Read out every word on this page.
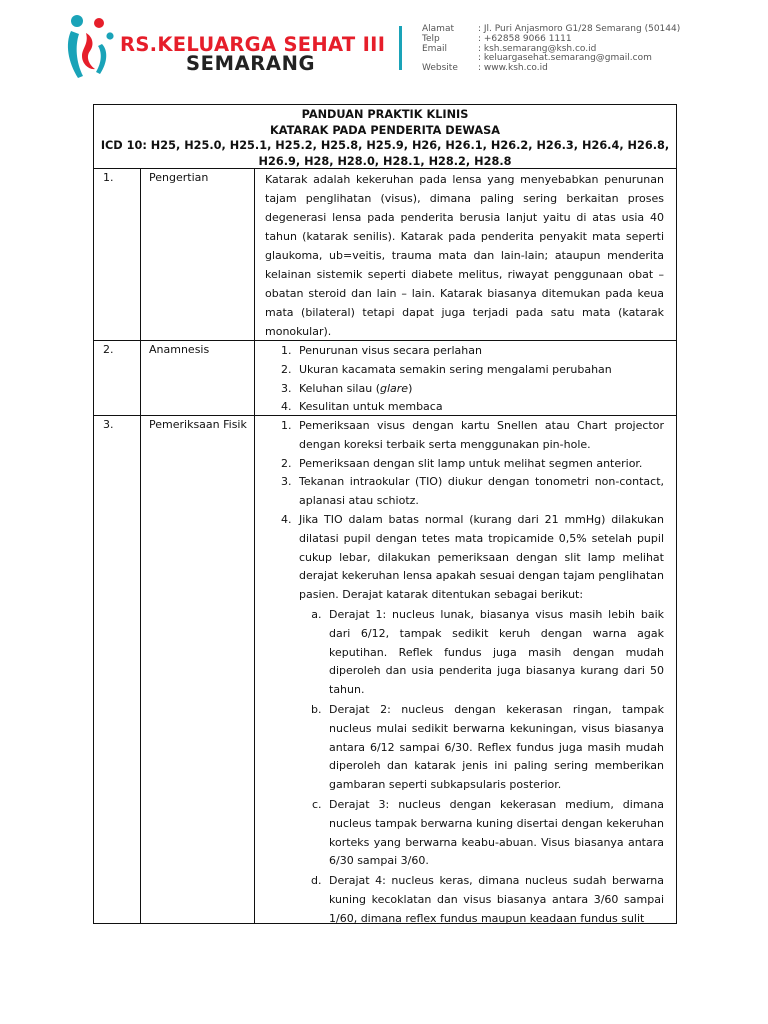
RS.KELUARGA SEHAT III
SEMARANG
Alamat	: Jl. Puri Anjasmoro G1/28 Semarang (50144)
Telp	: +62858 9066 1111
Email	: ksh.semarang@ksh.co.id
: keluargasehat.semarang@gmail.com
Website	: www.ksh.co.id
PANDUAN PRAKTIK KLINIS
KATARAK PADA PENDERITA DEWASA
ICD 10: H25, H25.0, H25.1, H25.2, H25.8, H25.9, H26, H26.1, H26.2, H26.3, H26.4, H26.8, H26.9, H28, H28.0, H28.1, H28.2, H28.8
1.	Pengertian	Katarak adalah kekeruhan pada lensa yang menyebabkan penurunan tajam penglihatan (visus), dimana paling sering berkaitan proses degenerasi lensa pada penderita berusia lanjut yaitu di atas usia 40 tahun (katarak senilis). Katarak pada penderita penyakit mata seperti glaukoma, ub=veitis, trauma mata dan lain-lain; ataupun menderita kelainan sistemik seperti diabete melitus, riwayat penggunaan obat – obatan steroid dan lain – lain. Katarak biasanya ditemukan pada keua mata (bilateral) tetapi dapat juga terjadi pada satu mata (katarak monokular).

2.	Anamnesis	1. Penurunan visus secara perlahan
2. Ukuran kacamata semakin sering mengalami perubahan
3. Keluhan silau (glare)
4. Kesulitan untuk membaca
3.	Pemeriksaan Fisik	1. Pemeriksaan visus dengan kartu Snellen atau Chart projector dengan koreksi terbaik serta menggunakan pin-hole.
2. Pemeriksaan dengan slit lamp untuk melihat segmen anterior.
3. Tekanan intraokular (TIO) diukur dengan tonometri non-contact, aplanasi atau schiotz.
4. Jika TIO dalam batas normal (kurang dari 21 mmHg) dilakukan dilatasi pupil dengan tetes mata tropicamide 0,5% setelah pupil cukup lebar, dilakukan pemeriksaan dengan slit lamp melihat derajat kekeruhan lensa apakah sesuai dengan tajam penglihatan pasien. Derajat katarak ditentukan sebagai berikut:
a. Derajat 1: nucleus lunak, biasanya visus masih lebih baik dari 6/12, tampak sedikit keruh dengan warna agak keputihan. Reflek fundus juga masih dengan mudah diperoleh dan usia penderita juga biasanya kurang dari 50 tahun.
b. Derajat 2: nucleus dengan kekerasan ringan, tampak nucleus mulai sedikit berwarna kekuningan, visus biasanya antara 6/12 sampai 6/30. Reflex fundus juga masih mudah diperoleh dan katarak jenis ini paling sering memberikan gambaran seperti subkapsularis posterior.
c. Derajat 3: nucleus dengan kekerasan medium, dimana nucleus tampak berwarna kuning disertai dengan kekeruhan korteks yang berwarna keabu-abuan. Visus biasanya antara 6/30 sampai 3/60.
d. Derajat 4: nucleus keras, dimana nucleus sudah berwarna kuning kecoklatan dan visus biasanya antara 3/60 sampai 1/60, dimana reflex fundus maupun keadaan fundus sulit
